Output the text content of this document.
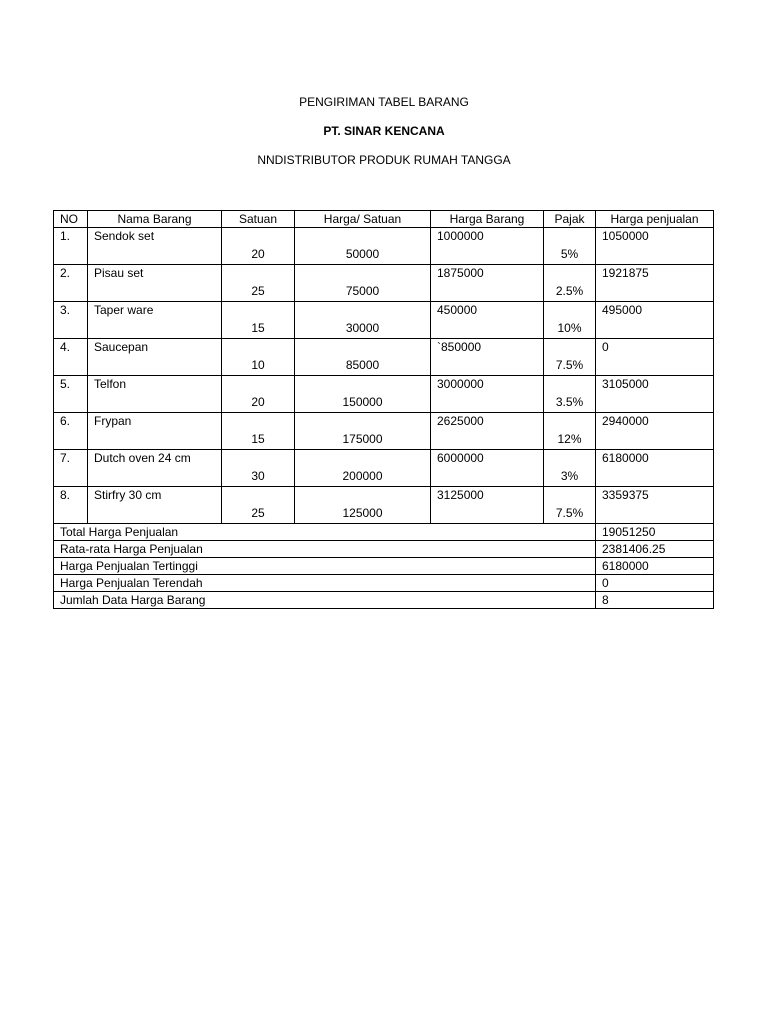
PENGIRIMAN TABEL BARANG

PT. SINAR KENCANA

NNDISTRIBUTOR PRODUK RUMAH TANGGA

NO	Nama Barang	Satuan	Harga/ Satuan	Harga Barang	Pajak	Harga penjualan
1.	Sendok set	20	50000	1000000	5%	1050000
2.	Pisau set	25	75000	1875000	2.5%	1921875
3.	Taper ware	15	30000	450000	10%	495000
4.	Saucepan	10	85000	`850000	7.5%	0
5.	Telfon	20	150000	3000000	3.5%	3105000
6.	Frypan	15	175000	2625000	12%	2940000
7.	Dutch oven 24 cm	30	200000	6000000	3%	6180000
8.	Stirfry 30 cm	25	125000	3125000	7.5%	3359375
Total Harga Penjualan						19051250
Rata-rata Harga Penjualan						2381406.25
Harga Penjualan Tertinggi						6180000
Harga Penjualan Terendah						0
Jumlah Data Harga Barang						8
